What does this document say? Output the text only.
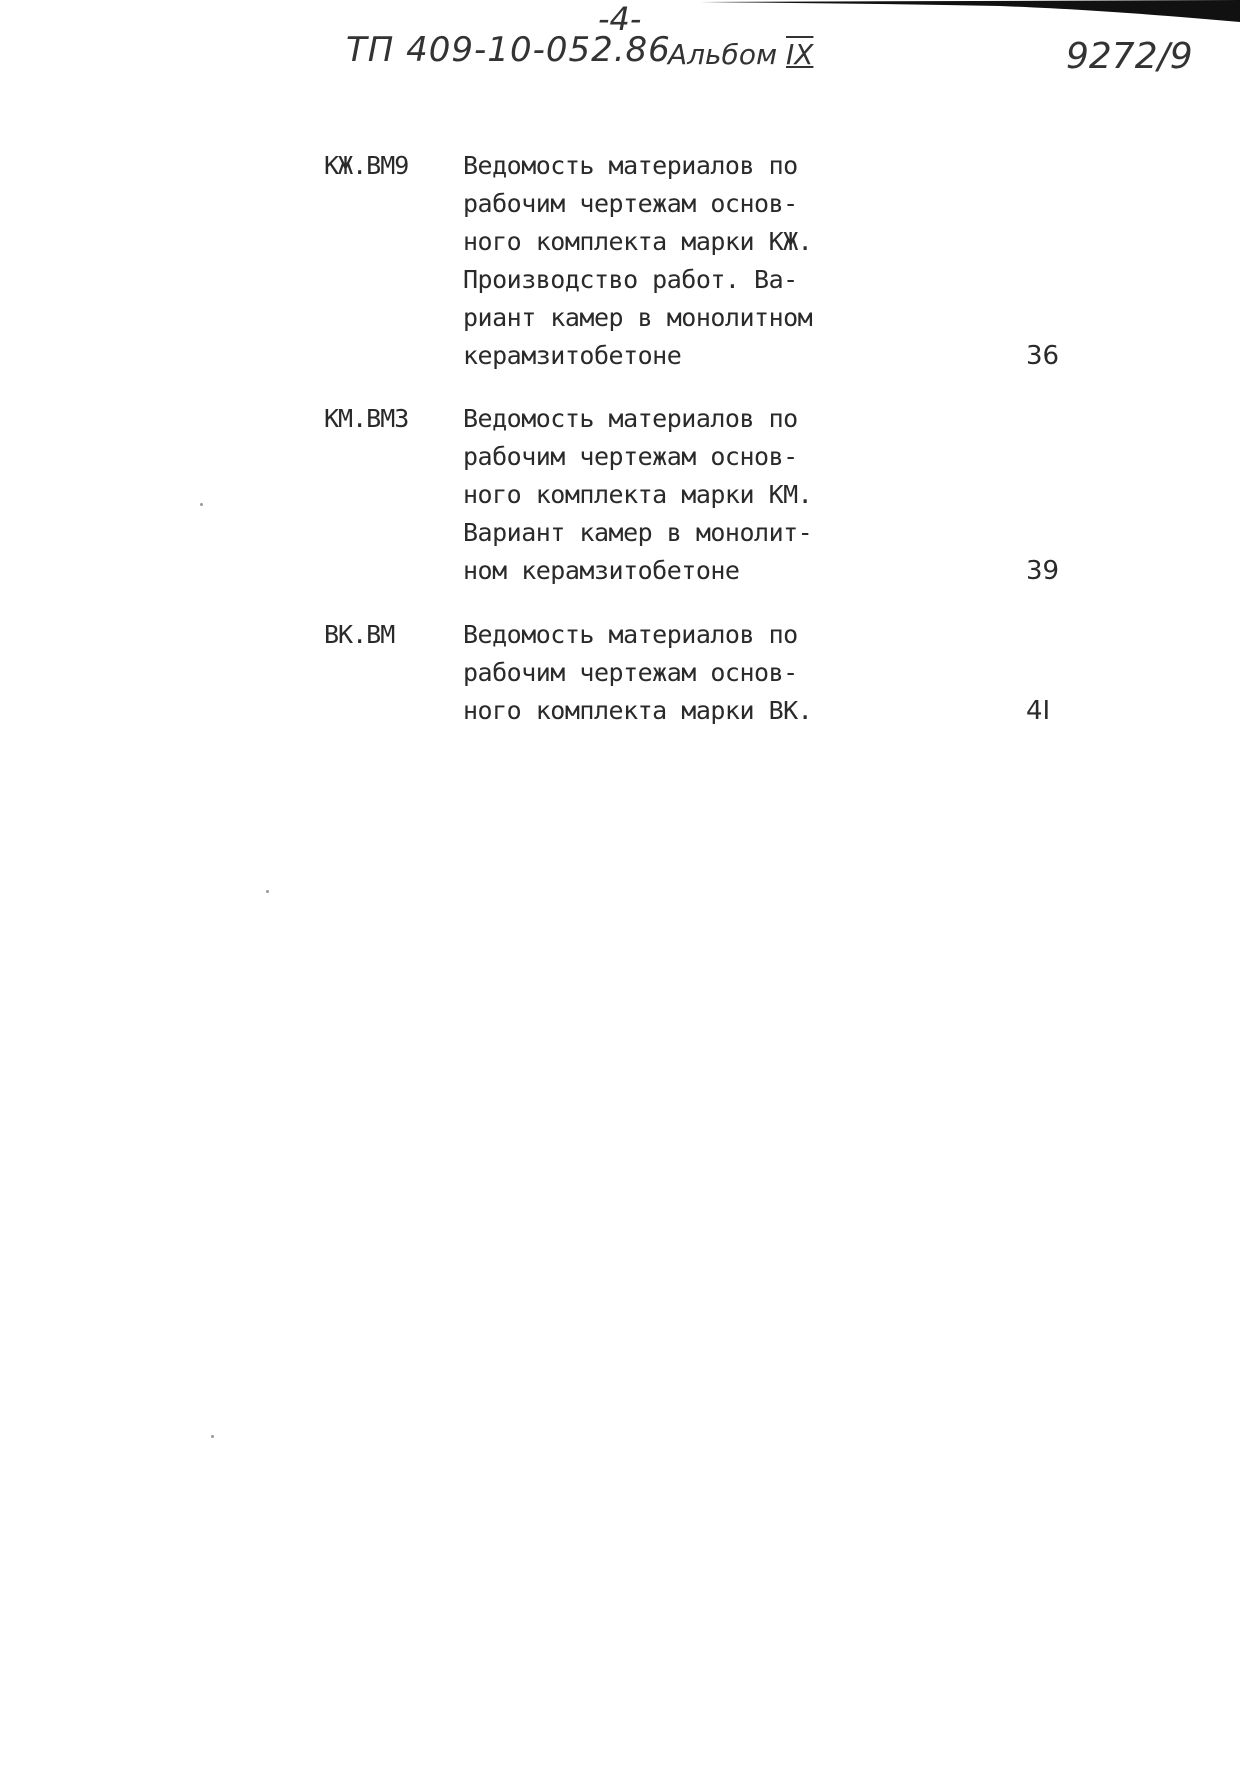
-4-
ТП 409-10-052.86
Альбом IX	9272/9
КЖ.ВМ9 Ведомость материалов по
рабочим чертежам основ-
ного комплекта марки КЖ.
Производство работ. Ва-
риант камер в монолитном
керамзитобетоне	36
КМ.ВМ3 Ведомость материалов по
рабочим чертежам основ-
ного комплекта марки КМ.
Вариант камер в монолит-
ном керамзитобетоне	39
ВК.ВМ	Ведомость материалов по
рабочим чертежам основ-
ного комплекта марки ВК.	4I
